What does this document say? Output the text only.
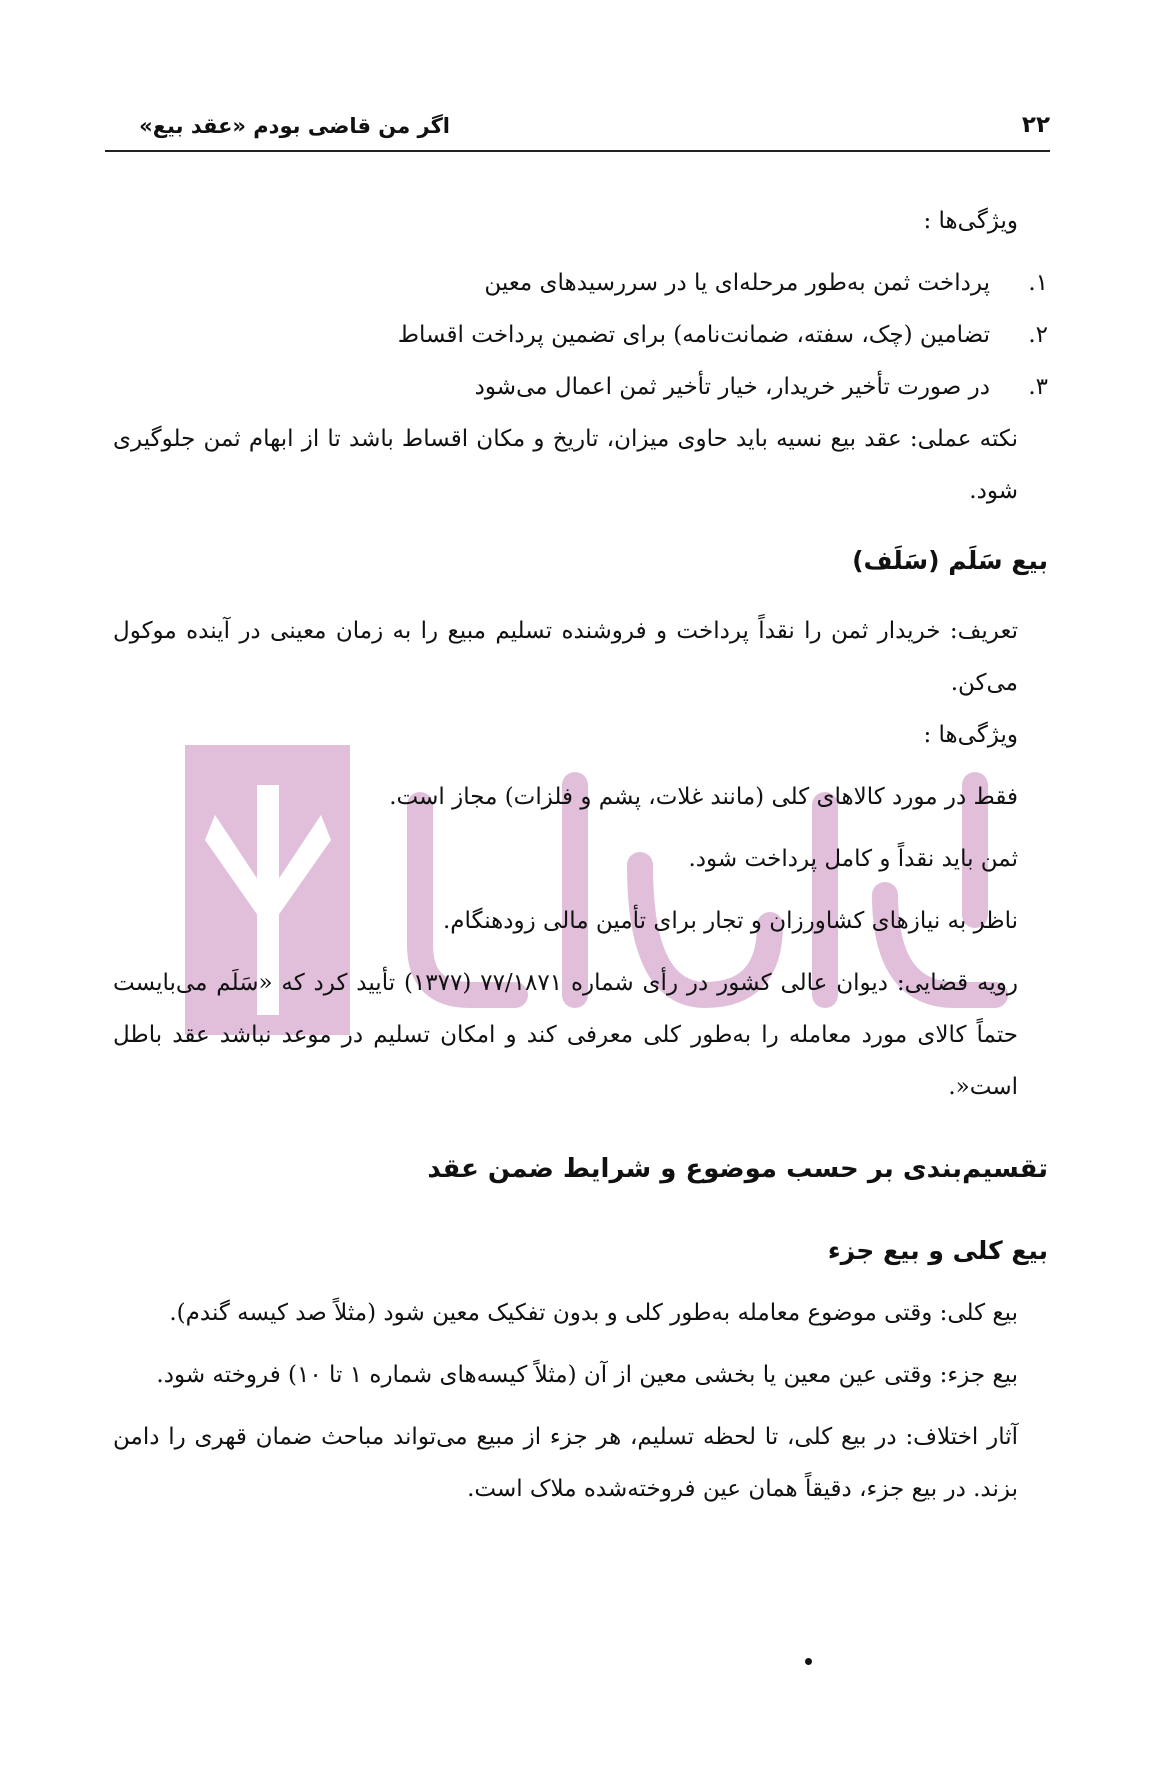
اگر من قاضی بودم «عقد بیع»	۲۲

ویژگی‌ها :

۱.
پرداخت ثمن به‌طور مرحله‌ای یا در سررسیدهای معین
۲.
تضامین (چک، سفته، ضمانت‌نامه) برای تضمین پرداخت اقساط
۳.
در صورت تأخیر خریدار، خیار تأخیر ثمن اعمال می‌شود

نکته عملی: عقد بیع نسیه باید حاوی میزان، تاریخ و مکان اقساط باشد تا از ابهام ثمن جلوگیری شود.

بیع سَلَم (سَلَف)

تعریف: خریدار ثمن را نقداً پرداخت و فروشنده تسلیم مبیع را به زمان معینی در آینده موکول می‌کن.

ویژگی‌ها :

فقط در مورد کالاهای کلی (مانند غلات، پشم و فلزات) مجاز است.

ثمن باید نقداً و کامل پرداخت شود.

ناظر به نیازهای کشاورزان و تجار برای تأمین مالی زودهنگام.

رویه قضایی: دیوان عالی کشور در رأی شماره ۷۷/۱۸۷۱ (۱۳۷۷) تأیید کرد که «سَلَم می‌بایست حتماً کالای مورد معامله را به‌طور کلی معرفی کند و امکان تسلیم در موعد نباشد عقد باطل است«.

تقسیم‌بندی بر حسب موضوع و شرایط ضمن عقد
بیع کلی و بیع جزء

بیع کلی: وقتی موضوع معامله به‌طور کلی و بدون تفکیک معین شود (مثلاً صد کیسه گندم).

بیع جزء: وقتی عین معین یا بخشی معین از آن (مثلاً کیسه‌های شماره ۱ تا ۱۰) فروخته شود.

آثار اختلاف: در بیع کلی، تا لحظه تسلیم، هر جزء از مبیع می‌تواند مباحث ضمان قهری را دامن بزند. در بیع جزء، دقیقاً همان عین فروخته‌شده ملاک است.
